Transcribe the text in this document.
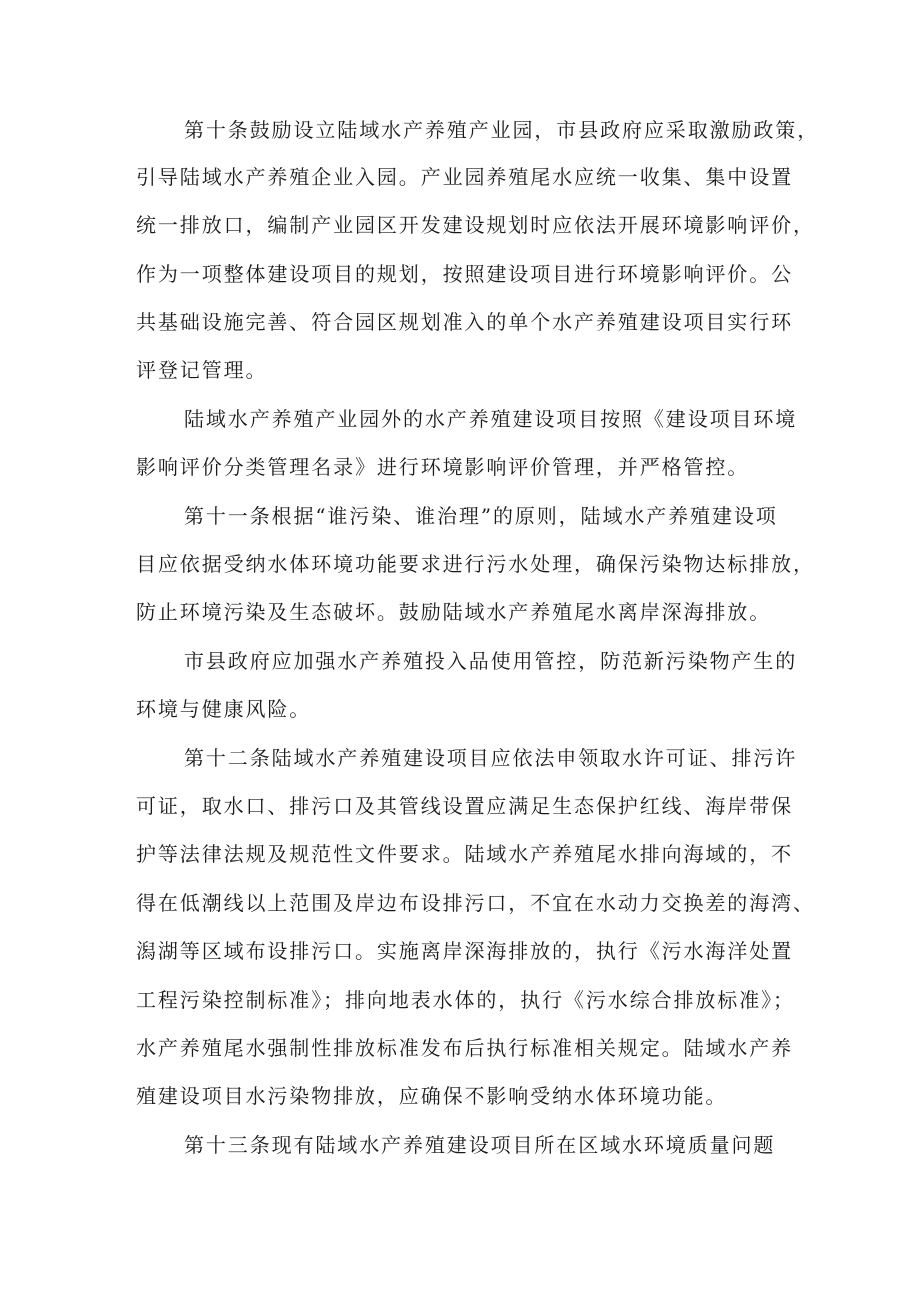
第十条鼓励设立陆域水产养殖产业园，市县政府应采取激励政策，
引导陆域水产养殖企业入园。产业园养殖尾水应统一收集、集中设置
统一排放口，编制产业园区开发建设规划时应依法开展环境影响评价，
作为一项整体建设项目的规划，按照建设项目进行环境影响评价。公
共基础设施完善、符合园区规划准入的单个水产养殖建设项目实行环
评登记管理。
陆域水产养殖产业园外的水产养殖建设项目按照《建设项目环境
影响评价分类管理名录》进行环境影响评价管理，并严格管控。
第十一条根据“谁污染、谁治理”的原则，陆域水产养殖建设项
目应依据受纳水体环境功能要求进行污水处理，确保污染物达标排放，
防止环境污染及生态破坏。鼓励陆域水产养殖尾水离岸深海排放。
市县政府应加强水产养殖投入品使用管控，防范新污染物产生的
环境与健康风险。
第十二条陆域水产养殖建设项目应依法申领取水许可证、排污许
可证，取水口、排污口及其管线设置应满足生态保护红线、海岸带保
护等法律法规及规范性文件要求。陆域水产养殖尾水排向海域的，不
得在低潮线以上范围及岸边布设排污口，不宜在水动力交换差的海湾、
潟湖等区域布设排污口。实施离岸深海排放的，执行《污水海洋处置
工程污染控制标准》；排向地表水体的，执行《污水综合排放标准》；
水产养殖尾水强制性排放标准发布后执行标准相关规定。陆域水产养
殖建设项目水污染物排放，应确保不影响受纳水体环境功能。
第十三条现有陆域水产养殖建设项目所在区域水环境质量问题
